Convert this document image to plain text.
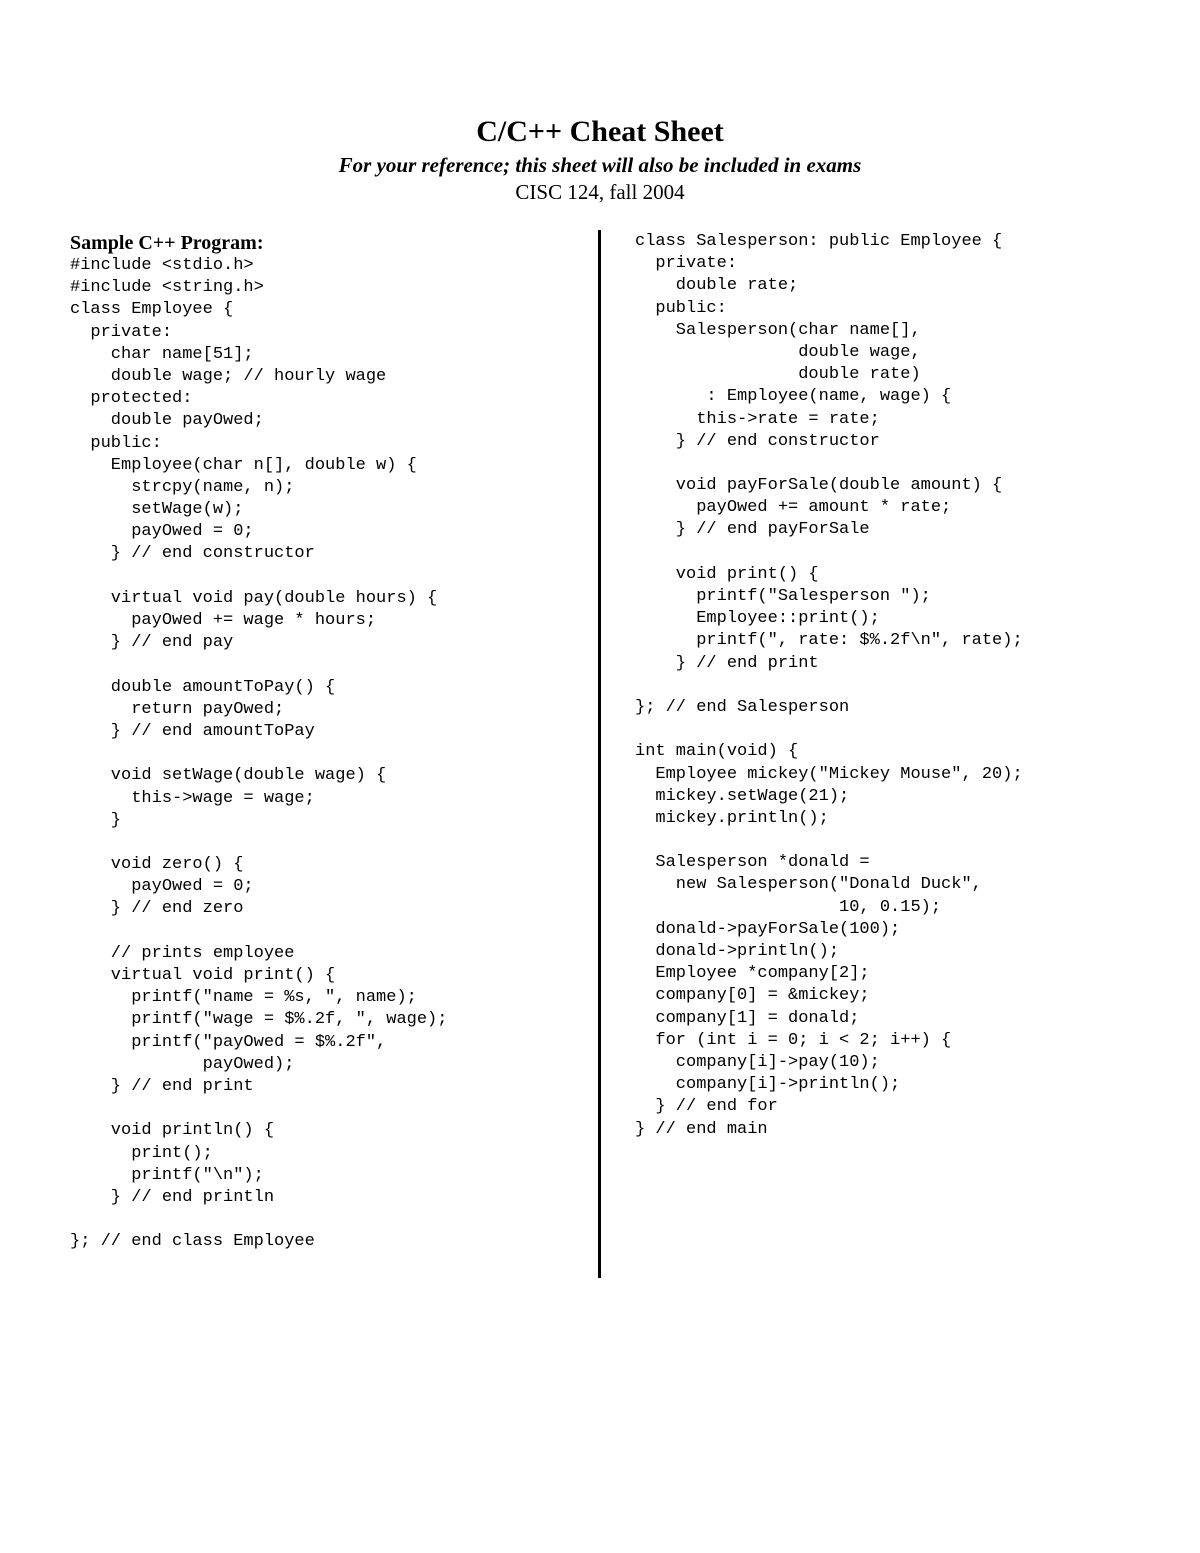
C/C++ Cheat Sheet
For your reference; this sheet will also be included in exams
CISC 124, fall 2004
Sample C++ Program:
#include <stdio.h>
#include <string.h>
class Employee {
private:
char name[51];
double wage; // hourly wage
protected:
double payOwed;
public:
Employee(char n[], double w) {
strcpy(name, n);
setWage(w);
payOwed = 0;
} // end constructor
virtual void pay(double hours) {
payOwed += wage * hours;
} // end pay
double amountToPay() {
return payOwed;
} // end amountToPay
void setWage(double wage) {
this->wage = wage;
}
void zero() {
payOwed = 0;
} // end zero
// prints employee
virtual void print() {
printf("name = %s, ", name);
printf("wage = $%.2f, ", wage);
printf("payOwed = $%.2f",
payOwed);
} // end print
void println() {
print();
printf("\n");
} // end println
}; // end class Employee
class Salesperson: public Employee {
private:
double rate;
public:
Salesperson(char name[],
double wage,
double rate)
: Employee(name, wage) {
this->rate = rate;
} // end constructor
void payForSale(double amount) {
payOwed += amount * rate;
} // end payForSale
void print() {
printf("Salesperson ");
Employee::print();
printf(", rate: $%.2f\n", rate);
} // end print
}; // end Salesperson
int main(void) {
Employee mickey("Mickey Mouse", 20);
mickey.setWage(21);
mickey.println();
Salesperson *donald =
new Salesperson("Donald Duck",
10, 0.15);
donald->payForSale(100);
donald->println();
Employee *company[2];
company[0] = &mickey;
company[1] = donald;
for (int i = 0; i < 2; i++) {
company[i]->pay(10);
company[i]->println();
} // end for
} // end main
